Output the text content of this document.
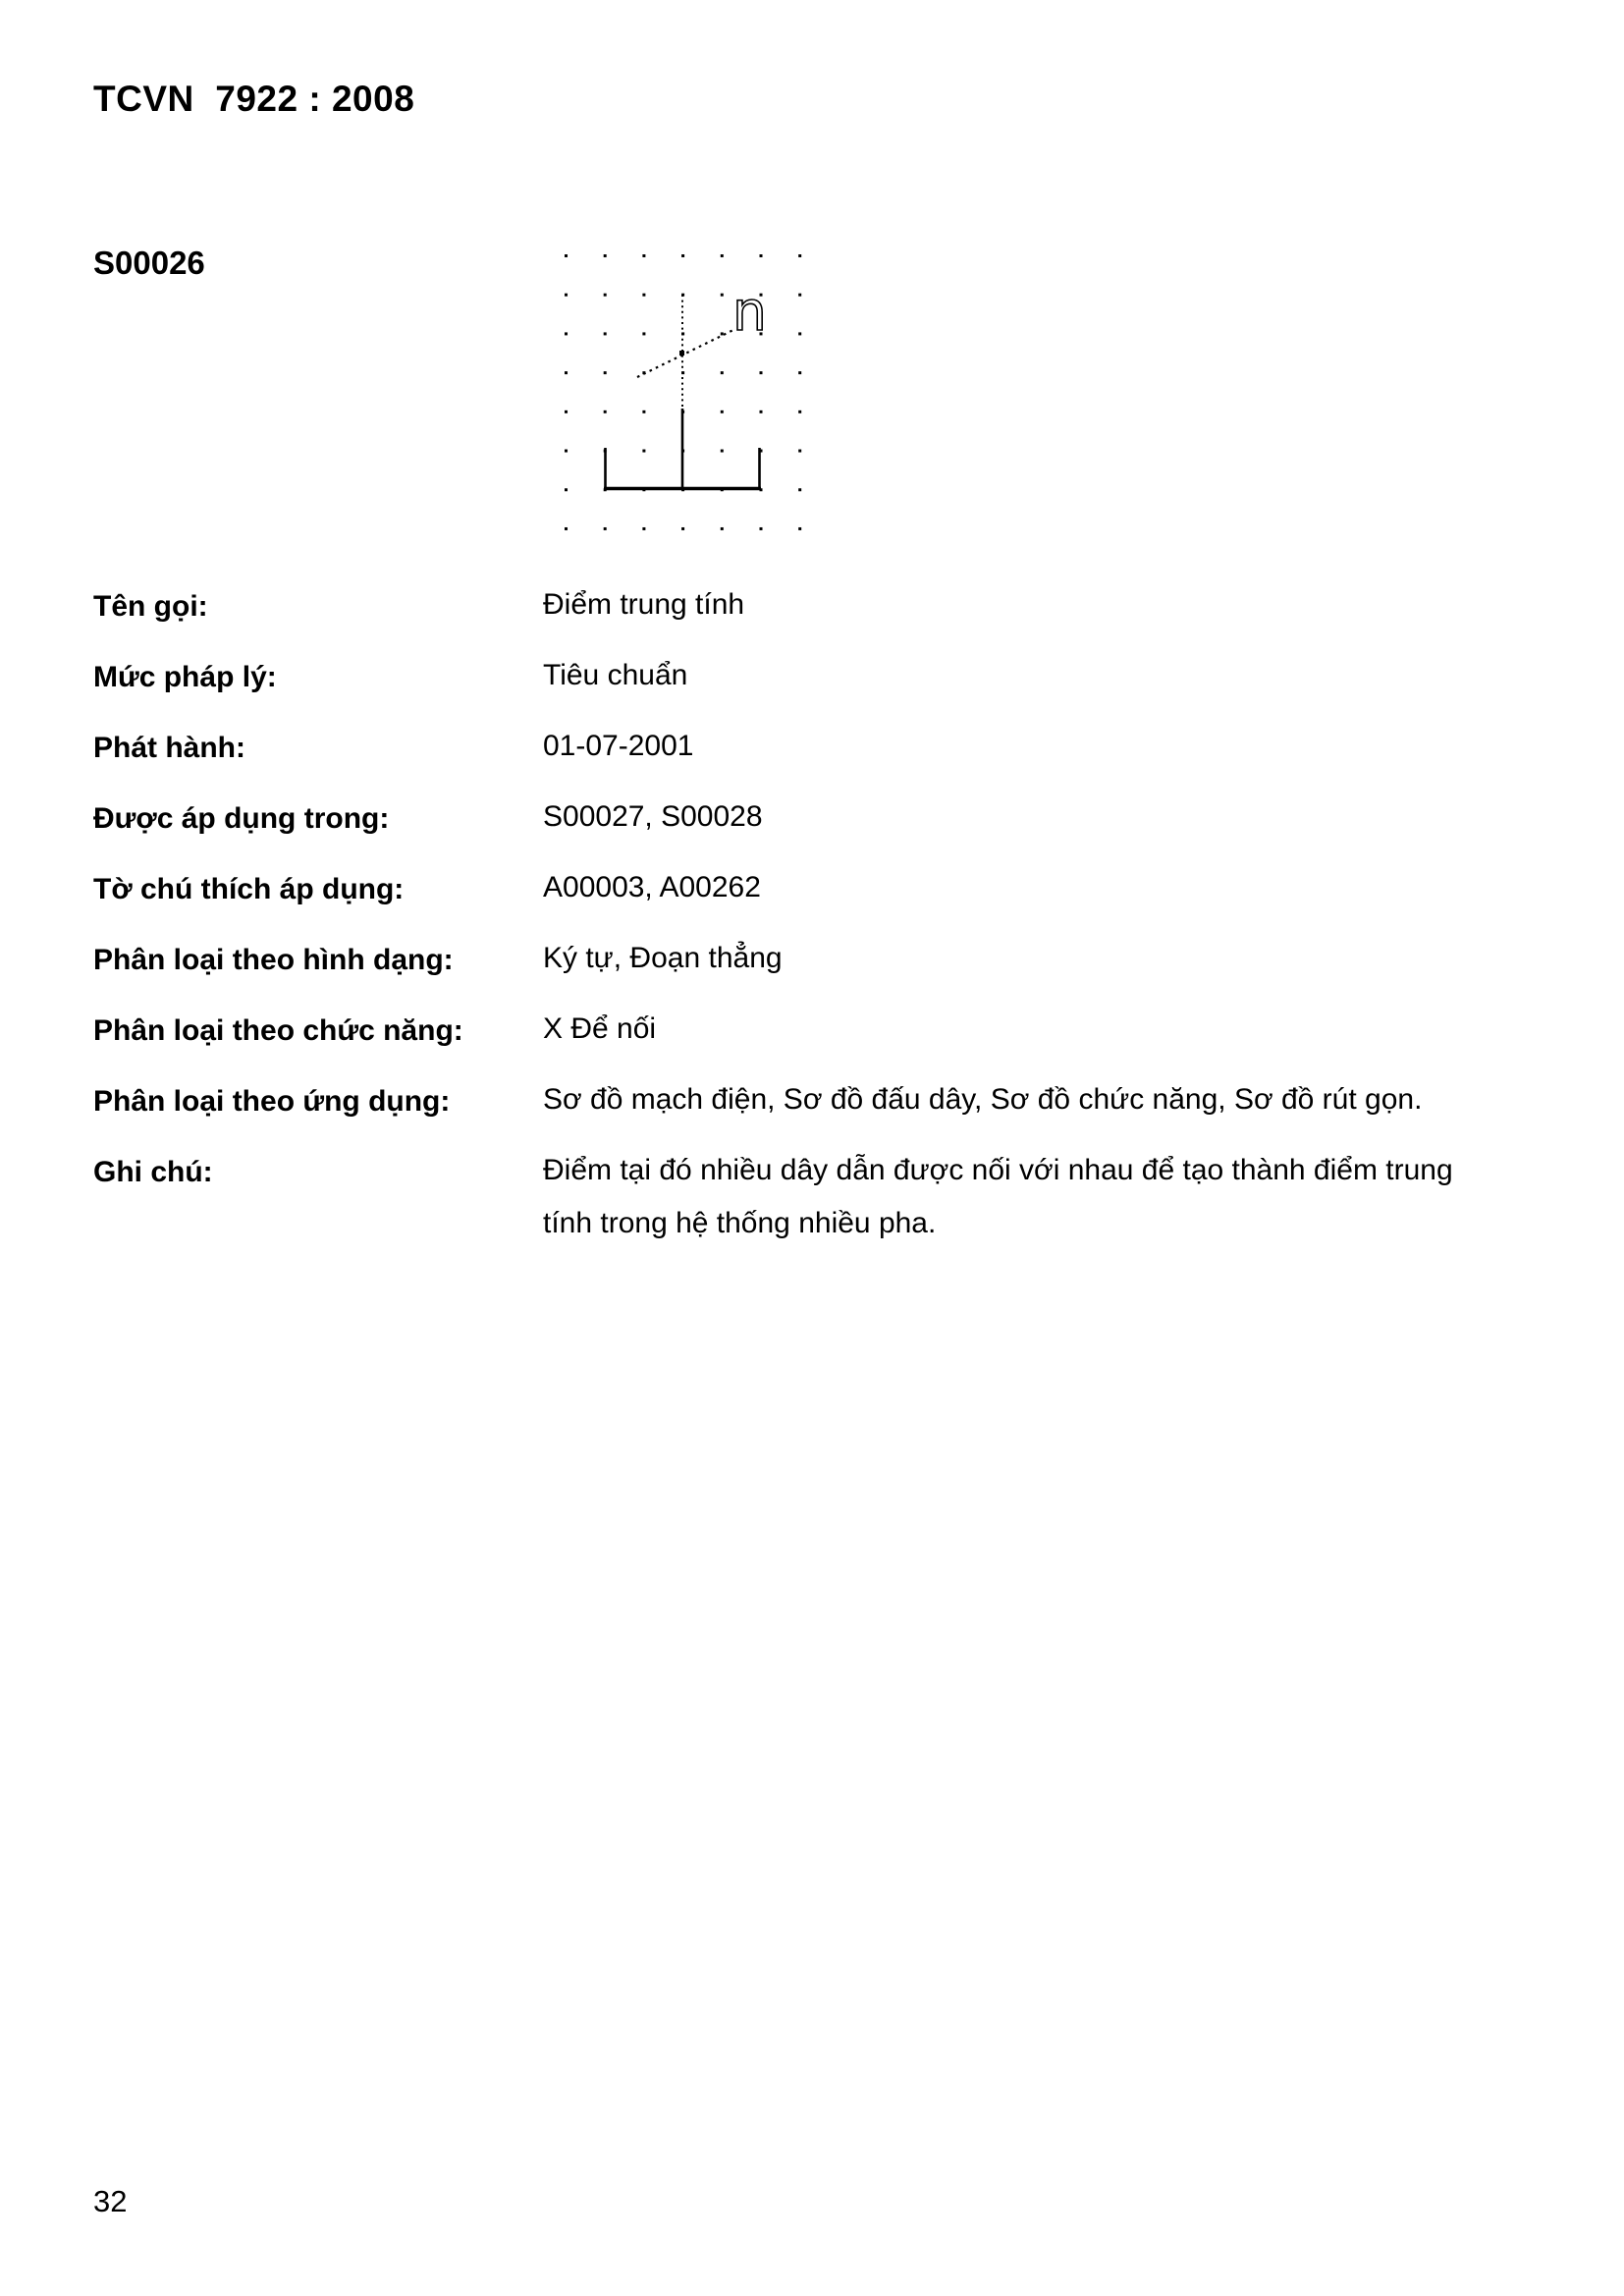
TCVN  7922 : 2008
S00026
n
Tên gọi:	Điểm trung tính
Mức pháp lý:	Tiêu chuẩn
Phát hành:	01-07-2001
Được áp dụng trong:	S00027, S00028
Tờ chú thích áp dụng:	A00003, A00262
Phân loại theo hình dạng:	Ký tự, Đoạn thẳng
Phân loại theo chức năng:	X Để nối
Phân loại theo ứng dụng:	Sơ đồ mạch điện, Sơ đồ đấu dây, Sơ đồ chức năng, Sơ đồ rút gọn.
Ghi chú:	Điểm tại đó nhiều dây dẫn được nối với nhau để tạo thành điểm trung tính trong hệ thống nhiều pha.
32
